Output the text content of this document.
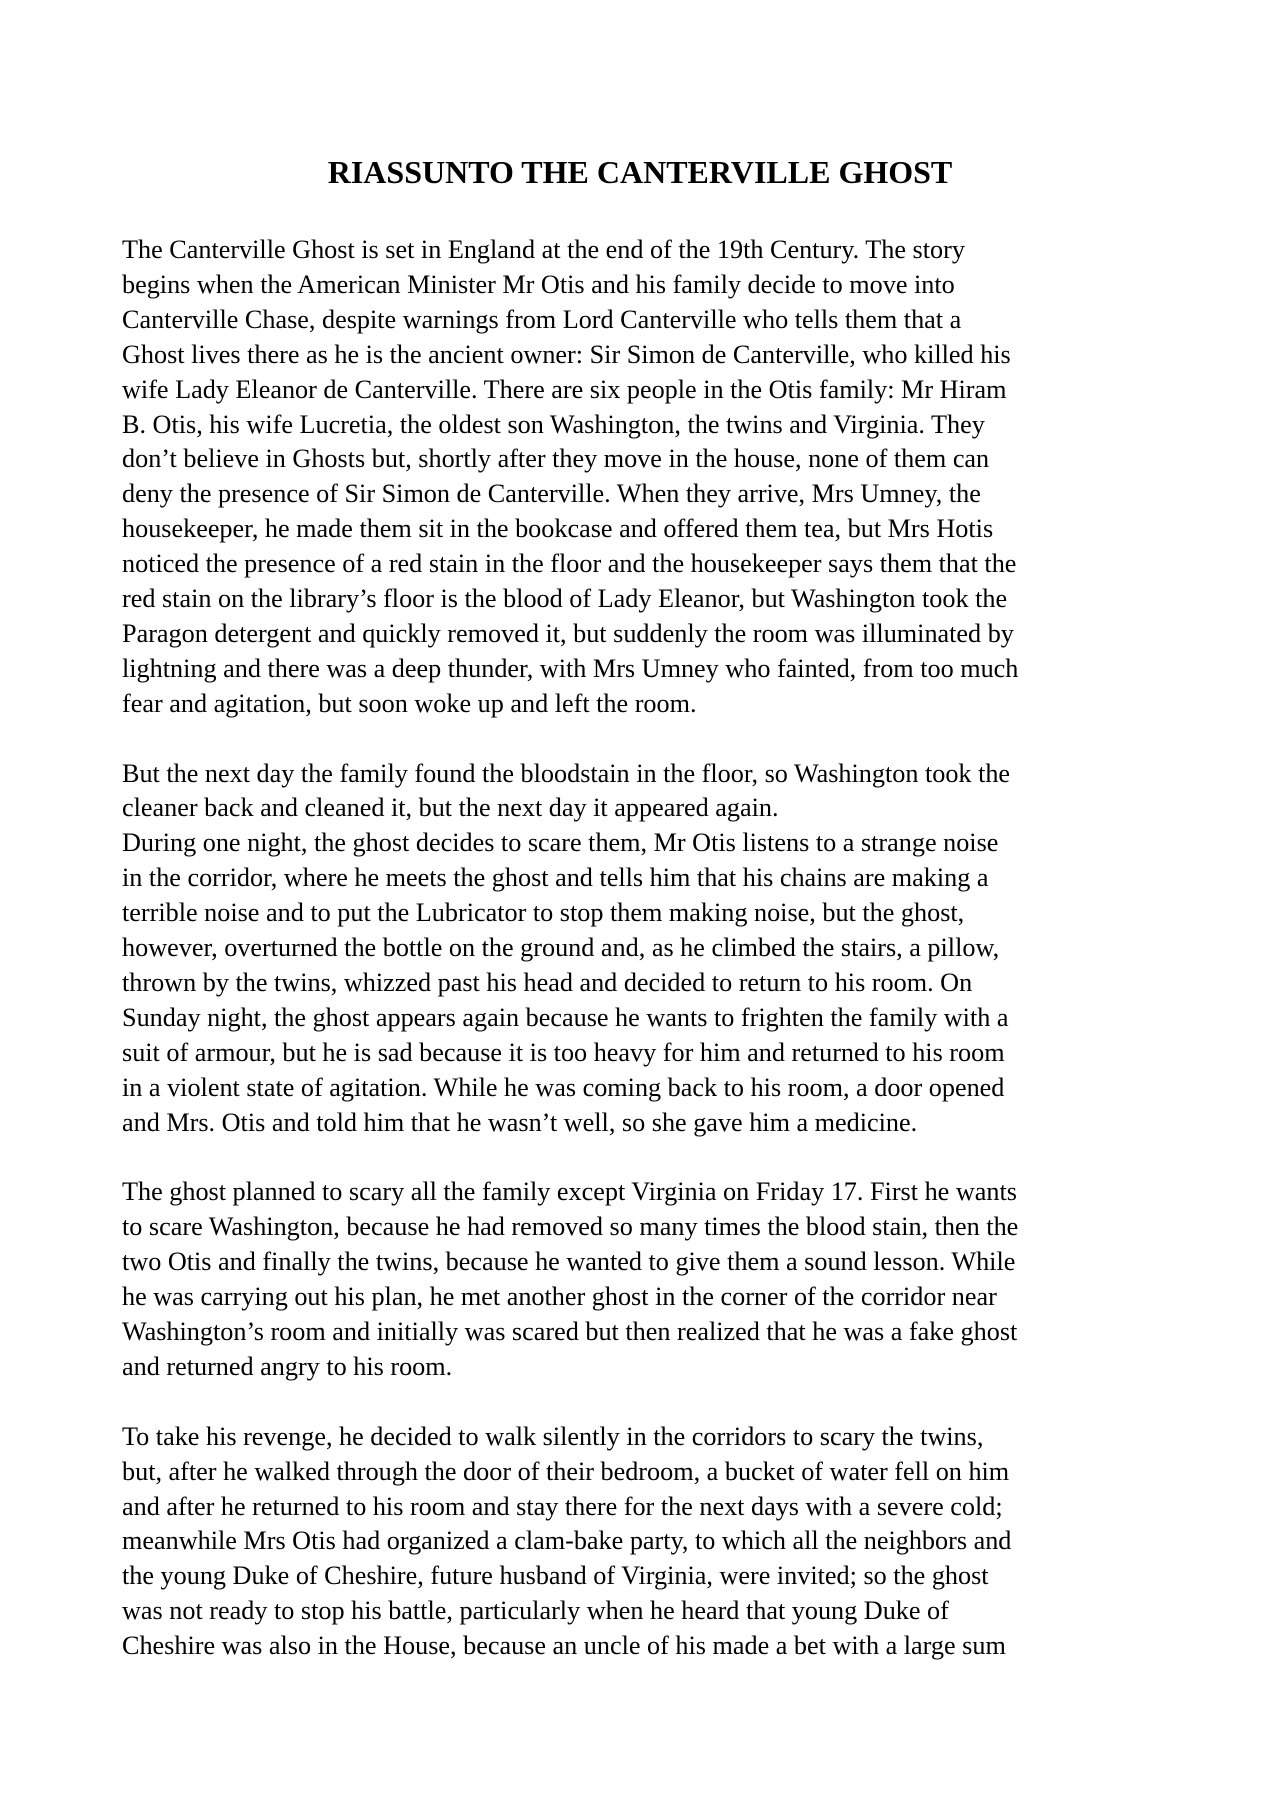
RIASSUNTO THE CANTERVILLE GHOST

The Canterville Ghost is set in England at the end of the 19th Century. The story
begins when the American Minister Mr Otis and his family decide to move into
Canterville Chase, despite warnings from Lord Canterville who tells them that a
Ghost lives there as he is the ancient owner: Sir Simon de Canterville, who killed his
wife Lady Eleanor de Canterville. There are six people in the Otis family: Mr Hiram
B. Otis, his wife Lucretia, the oldest son Washington, the twins and Virginia. They
don’t believe in Ghosts but, shortly after they move in the house, none of them can
deny the presence of Sir Simon de Canterville. When they arrive, Mrs Umney, the
housekeeper, he made them sit in the bookcase and offered them tea, but Mrs Hotis
noticed the presence of a red stain in the floor and the housekeeper says them that the
red stain on the library’s floor is the blood of Lady Eleanor, but Washington took the
Paragon detergent and quickly removed it, but suddenly the room was illuminated by
lightning and there was a deep thunder, with Mrs Umney who fainted, from too much
fear and agitation, but soon woke up and left the room.

But the next day the family found the bloodstain in the floor, so Washington took the
cleaner back and cleaned it, but the next day it appeared again.
During one night, the ghost decides to scare them, Mr Otis listens to a strange noise
in the corridor, where he meets the ghost and tells him that his chains are making a
terrible noise and to put the Lubricator to stop them making noise, but the ghost,
however, overturned the bottle on the ground and, as he climbed the stairs, a pillow,
thrown by the twins, whizzed past his head and decided to return to his room. On
Sunday night, the ghost appears again because he wants to frighten the family with a
suit of armour, but he is sad because it is too heavy for him and returned to his room
in a violent state of agitation. While he was coming back to his room, a door opened
and Mrs. Otis and told him that he wasn’t well, so she gave him a medicine.

The ghost planned to scary all the family except Virginia on Friday 17. First he wants
to scare Washington, because he had removed so many times the blood stain, then the
two Otis and finally the twins, because he wanted to give them a sound lesson. While
he was carrying out his plan, he met another ghost in the corner of the corridor near
Washington’s room and initially was scared but then realized that he was a fake ghost
and returned angry to his room.

To take his revenge, he decided to walk silently in the corridors to scary the twins,
but, after he walked through the door of their bedroom, a bucket of water fell on him
and after he returned to his room and stay there for the next days with a severe cold;
meanwhile Mrs Otis had organized a clam-bake party, to which all the neighbors and
the young Duke of Cheshire, future husband of Virginia, were invited; so the ghost
was not ready to stop his battle, particularly when he heard that young Duke of
Cheshire was also in the House, because an uncle of his made a bet with a large sum
